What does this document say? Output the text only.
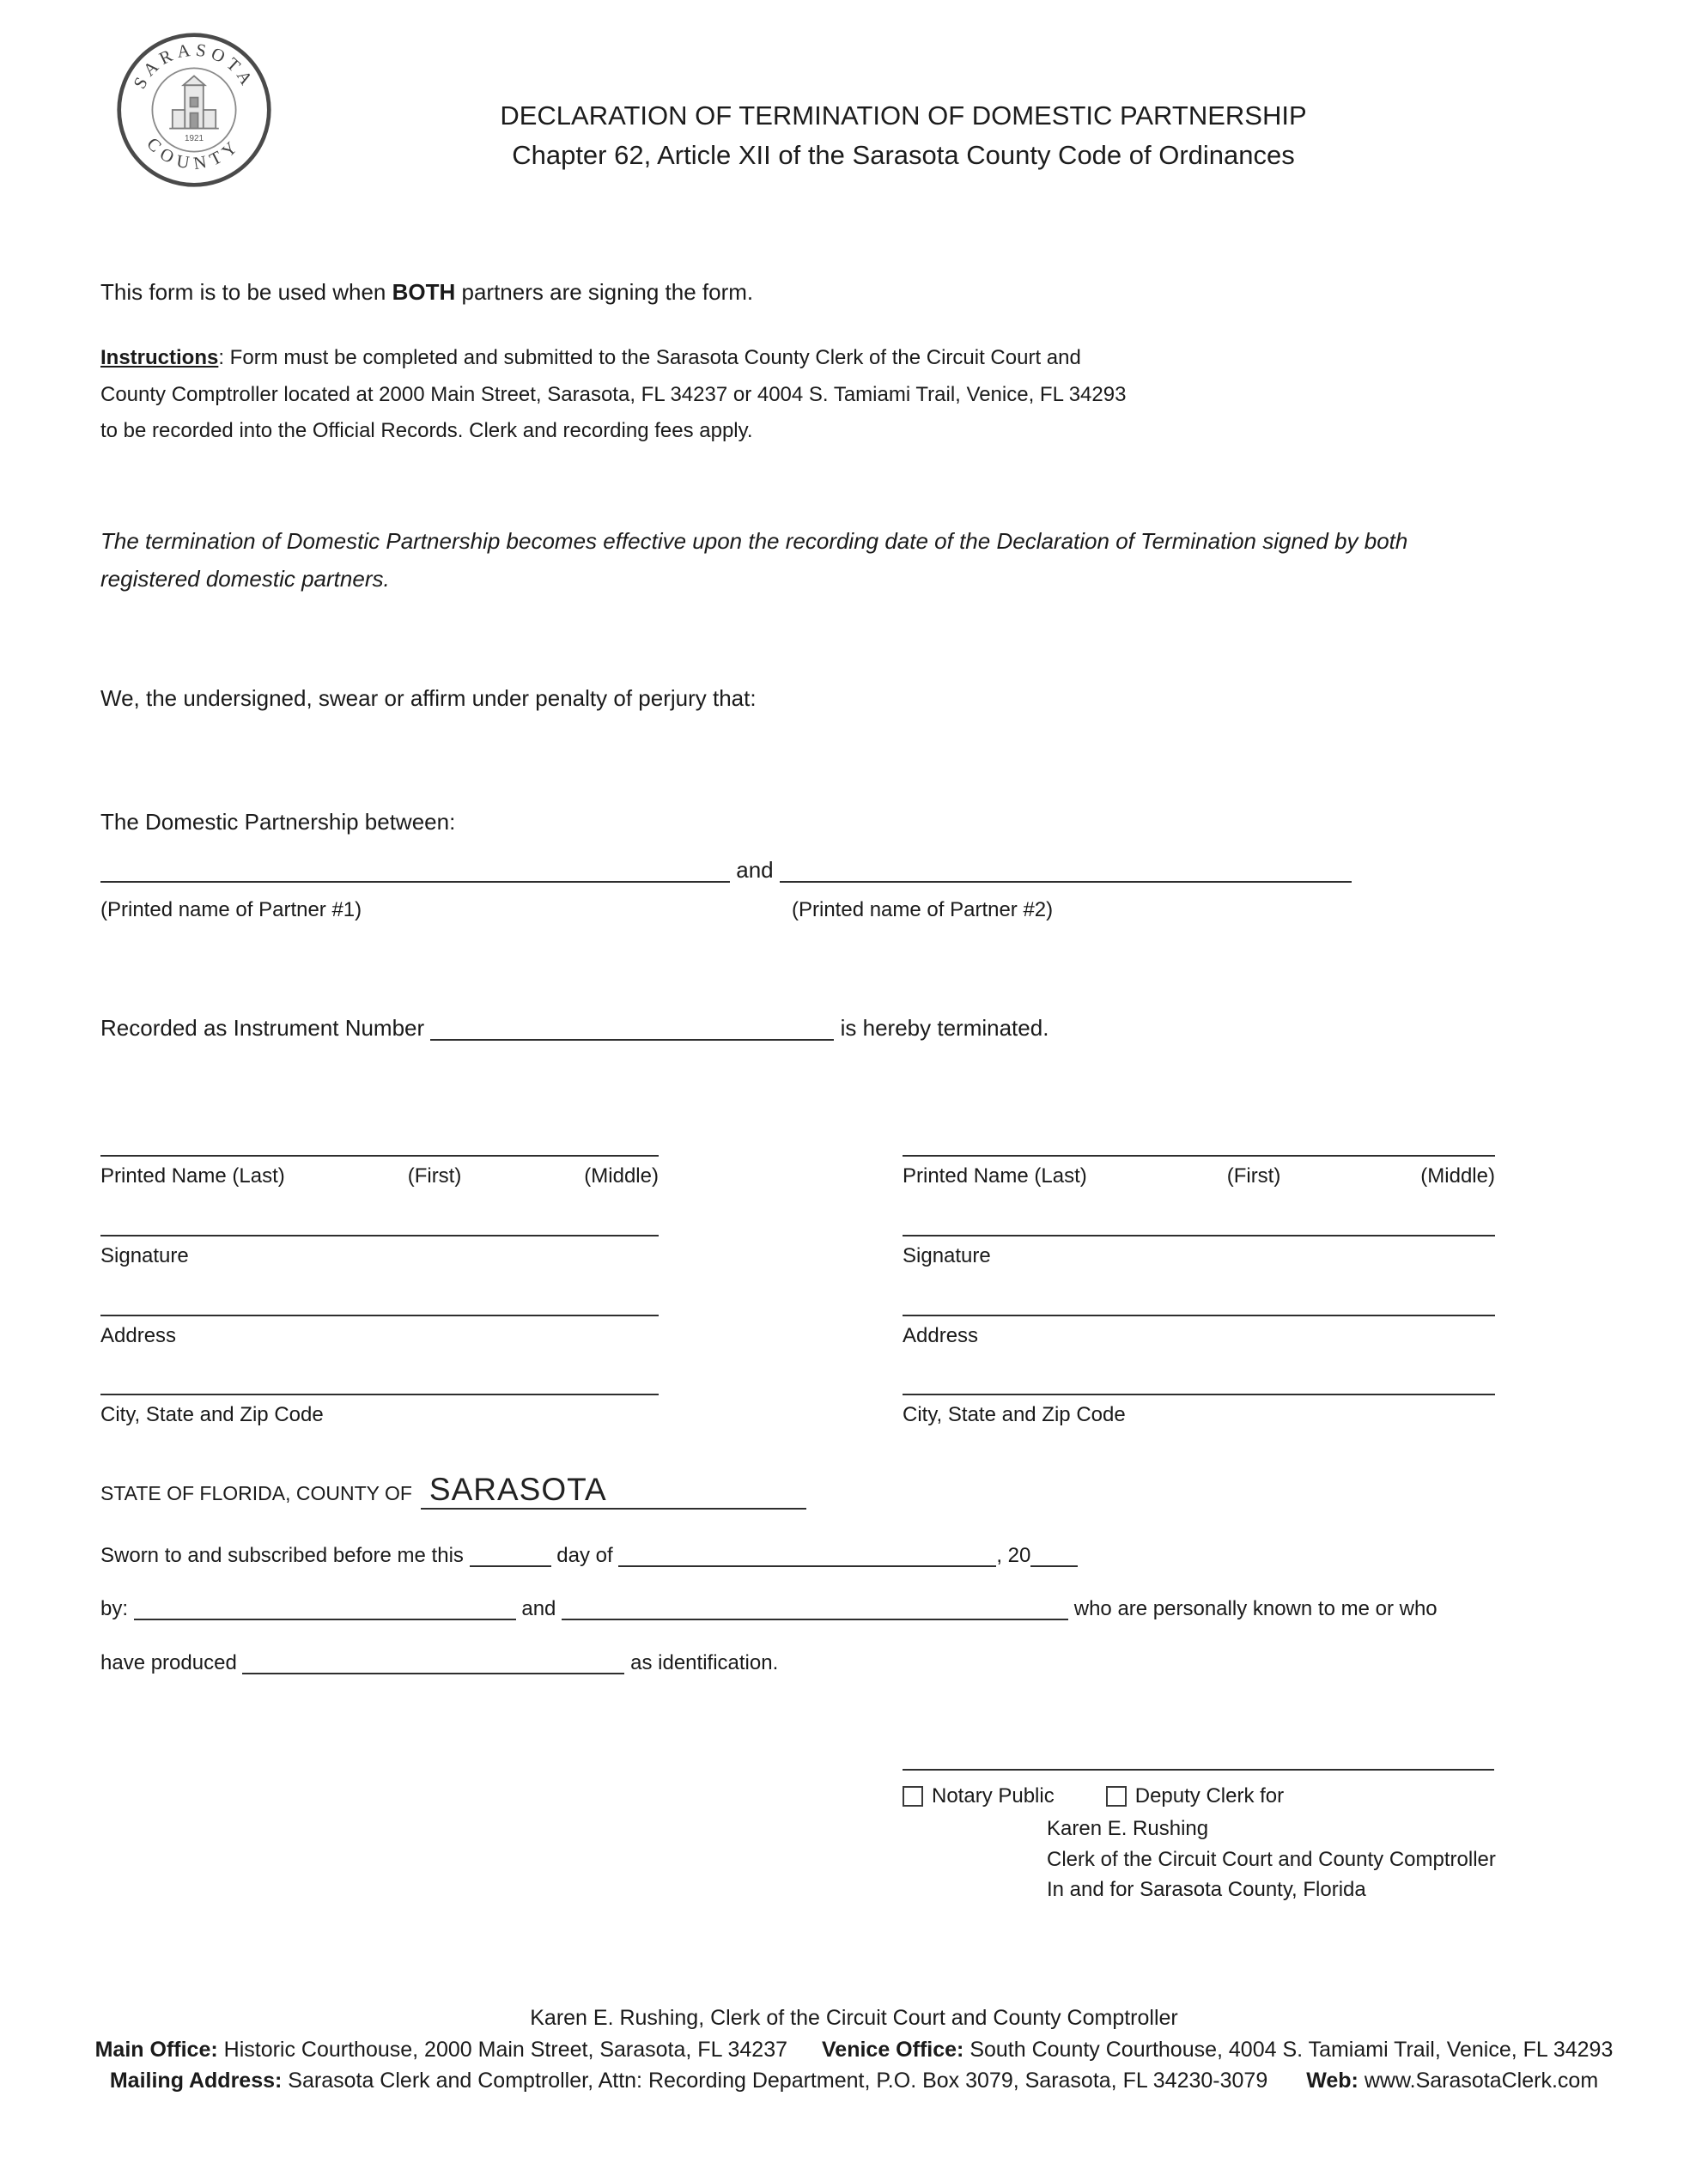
SARASOTA
COUNTY
1921
DECLARATION OF TERMINATION OF DOMESTIC PARTNERSHIP
Chapter 62, Article XII of the Sarasota County Code of Ordinances

This form is to be used when BOTH partners are signing the form.

Instructions: Form must be completed and submitted to the Sarasota County Clerk of the Circuit Court and County Comptroller located at 2000 Main Street, Sarasota, FL 34237 or 4004 S. Tamiami Trail, Venice, FL 34293 to be recorded into the Official Records. Clerk and recording fees apply.

The termination of Domestic Partnership becomes effective upon the recording date of the Declaration of Termination signed by both registered domestic partners.

We, the undersigned, swear or affirm under penalty of perjury that:

The Domestic Partnership between:

and
(Printed name of Partner #1)	(Printed name of Partner #2)

Recorded as Instrument Number	is hereby terminated.

Printed Name (Last)	(First)	(Middle)
Signature
Address
City, State and Zip Code
Printed Name (Last)	(First)	(Middle)
Signature
Address
City, State and Zip Code
STATE OF FLORIDA, COUNTY OF SARASOTA
Sworn to and subscribed before me this	day of	, 20
by:	and	who are personally known to me or who
have produced	as identification.
Notary Public	Deputy Clerk for
Karen E. Rushing
Clerk of the Circuit Court and County Comptroller
In and for Sarasota County, Florida
Karen E. Rushing, Clerk of the Circuit Court and County Comptroller
Main Office: Historic Courthouse, 2000 Main Street, Sarasota, FL 34237 Venice Office: South County Courthouse, 4004 S. Tamiami Trail, Venice, FL 34293
Mailing Address: Sarasota Clerk and Comptroller, Attn: Recording Department, P.O. Box 3079, Sarasota, FL 34230-3079 Web: www.SarasotaClerk.com
